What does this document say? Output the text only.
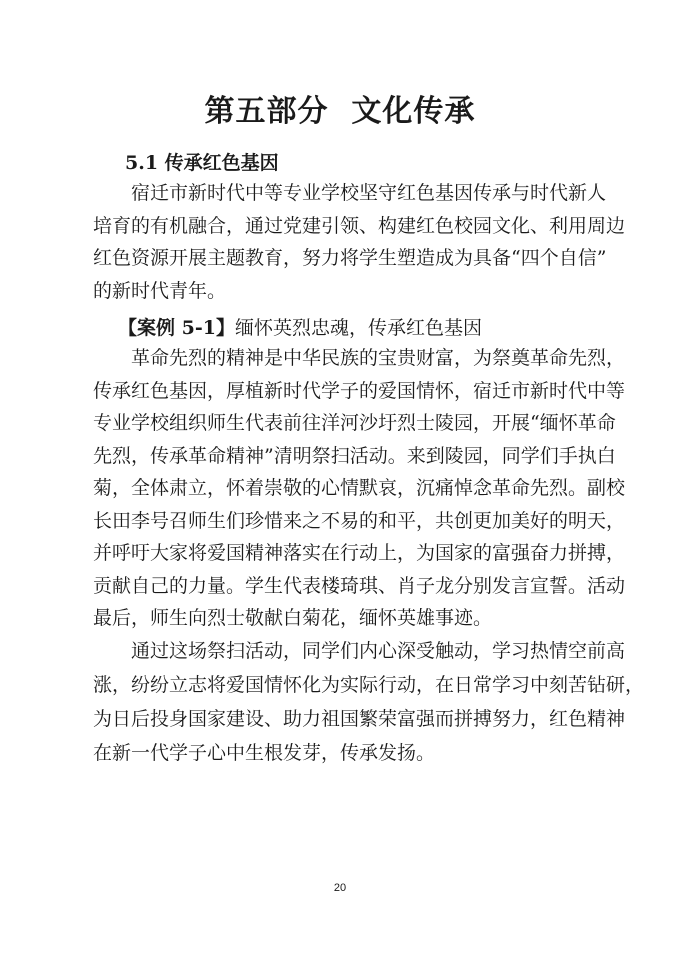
第五部分  文化传承
5.1 传承红色基因

宿迁市新时代中等专业学校坚守红色基因传承与时代新人
培育的有机融合，通过党建引领、构建红色校园文化、利用周边
红色资源开展主题教育，努力将学生塑造成为具备“四个自信”
的新时代青年。

【案例 5-1】缅怀英烈忠魂，传承红色基因

革命先烈的精神是中华民族的宝贵财富，为祭奠革命先烈，
传承红色基因，厚植新时代学子的爱国情怀，宿迁市新时代中等
专业学校组织师生代表前往洋河沙圩烈士陵园，开展“缅怀革命
先烈，传承革命精神”清明祭扫活动。来到陵园，同学们手执白
菊，全体肃立，怀着崇敬的心情默哀，沉痛悼念革命先烈。副校
长田李号召师生们珍惜来之不易的和平，共创更加美好的明天，
并呼吁大家将爱国精神落实在行动上，为国家的富强奋力拼搏，
贡献自己的力量。学生代表楼琦琪、肖子龙分别发言宣誓。活动
最后，师生向烈士敬献白菊花，缅怀英雄事迹。

通过这场祭扫活动，同学们内心深受触动，学习热情空前高
涨，纷纷立志将爱国情怀化为实际行动，在日常学习中刻苦钻研，
为日后投身国家建设、助力祖国繁荣富强而拼搏努力，红色精神
在新一代学子心中生根发芽，传承发扬。

20
